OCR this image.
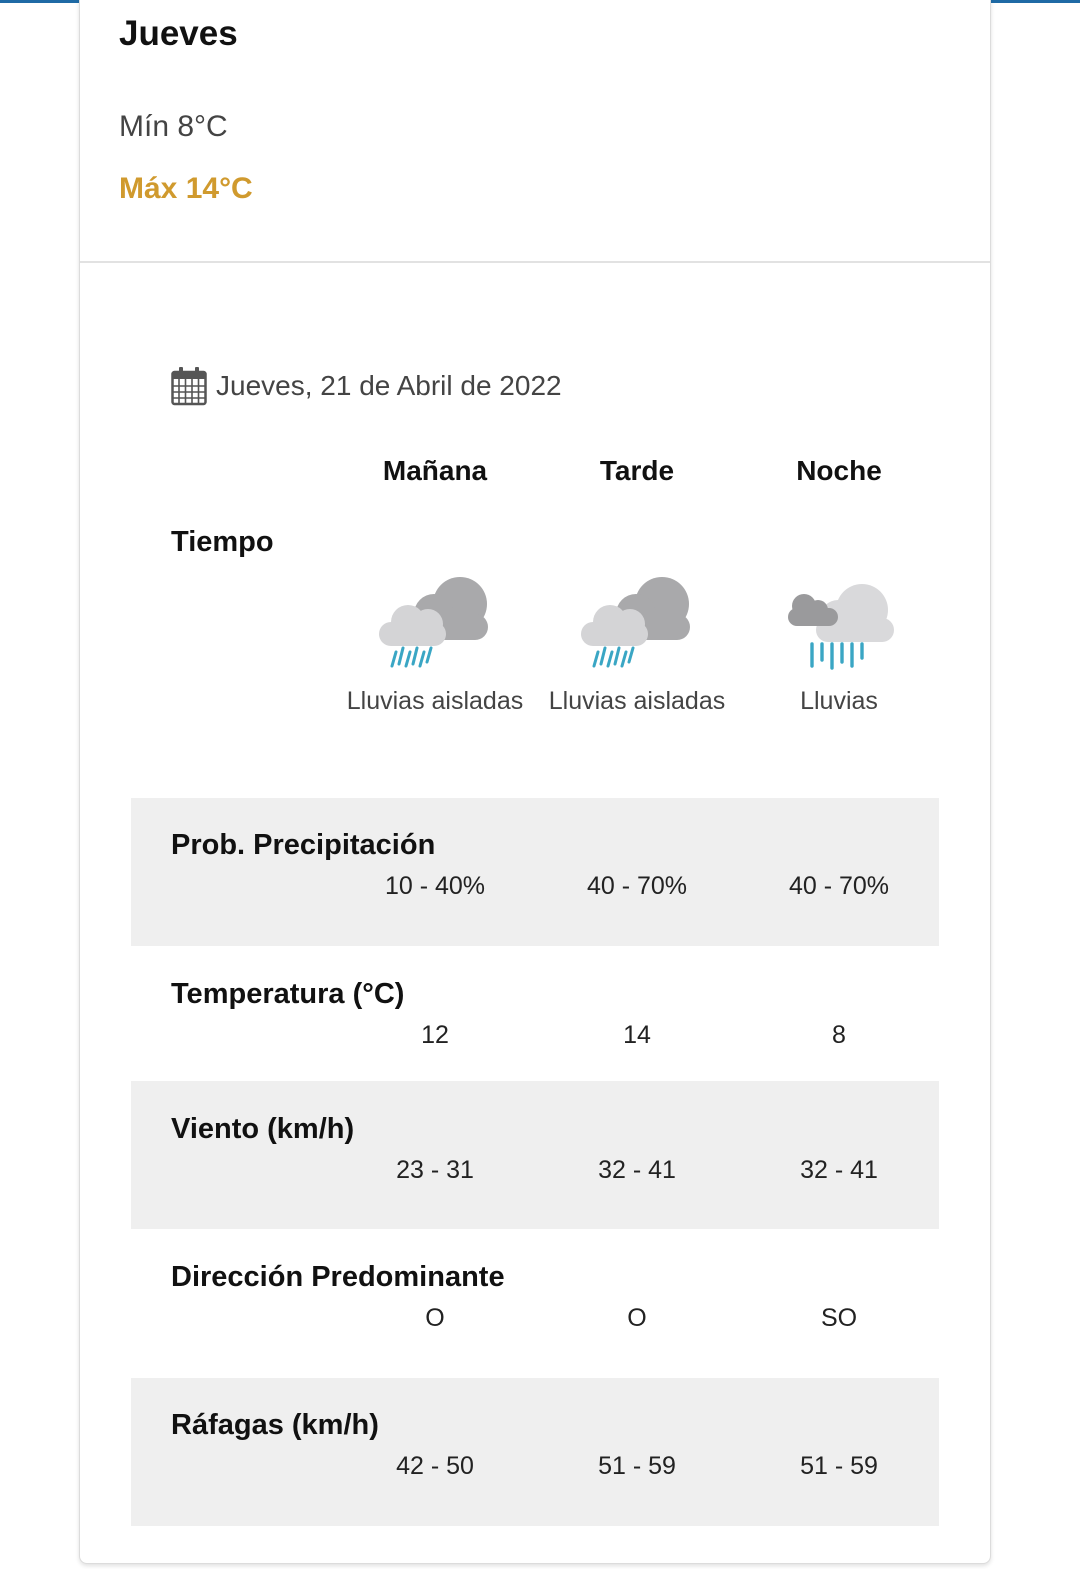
Jueves
Mín 8°C
Máx 14°C
Jueves, 21 de Abril de 2022
Mañana	Tarde	Noche
Tiempo
Lluvias aisladas	Lluvias aisladas	Lluvias
Prob. Precipitación
10 - 40%	40 - 70%	40 - 70%
Temperatura (°C)
12	14	8
Viento (km/h)
23 - 31	32 - 41	32 - 41
Dirección Predominante
O	O	SO
Ráfagas (km/h)
42 - 50	51 - 59	51 - 59
